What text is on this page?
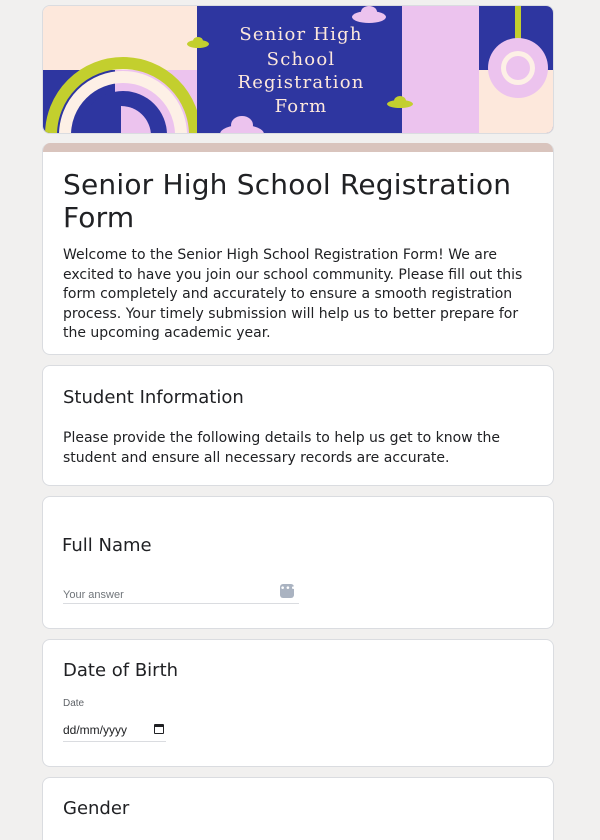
Senior High
School
Registration
Form
Senior High School Registration Form

Welcome to the Senior High School Registration Form! We are excited to have you join our school community. Please fill out this form completely and accurately to ensure a smooth registration process. Your timely submission will help us to better prepare for the upcoming academic year.

Student Information

Please provide the following details to help us get to know the student and ensure all necessary records are accurate.

Full Name
Your answer
•••
Date of Birth
Date
dd/mm/yyyy
Gender
